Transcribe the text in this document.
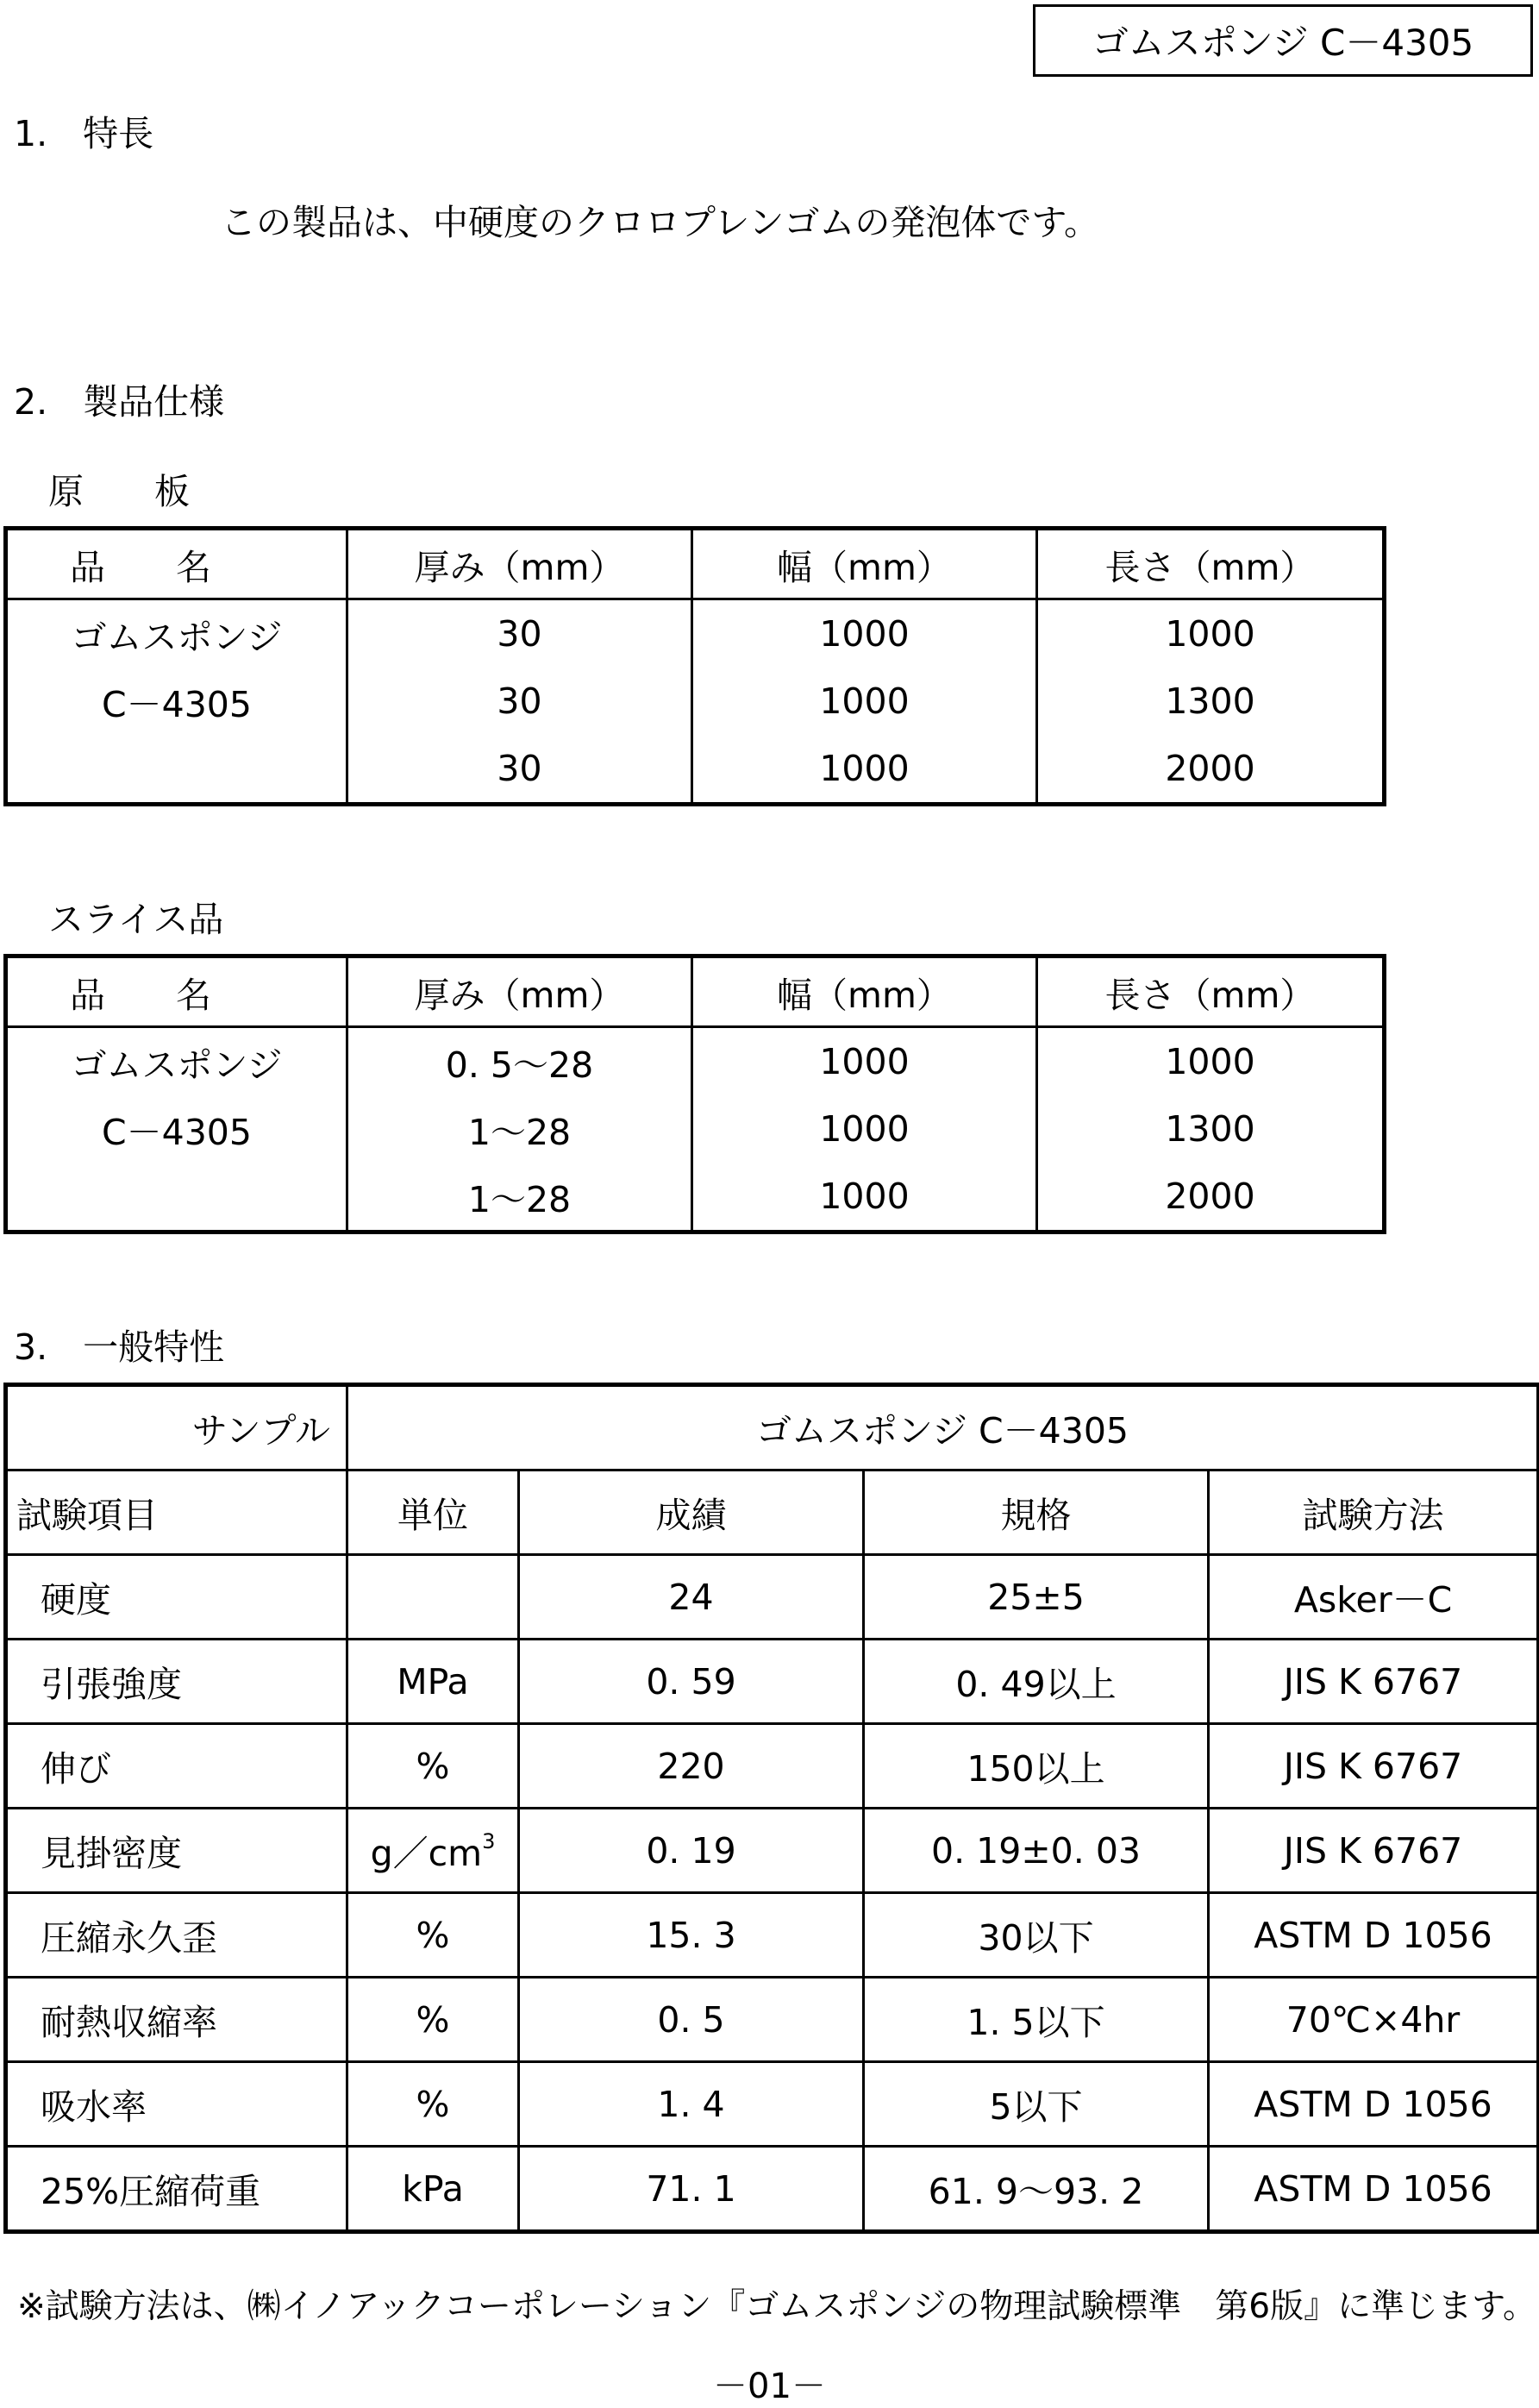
ゴムスポンジ C－4305
1.　特長
この製品は、中硬度のクロロプレンゴムの発泡体です。
2.　製品仕様
原　　板
品　　名	厚み（mm）	幅（mm）	長さ（mm）
ゴムスポンジ	30	1000	1000
C－4305	30	1000	1300
	30	1000	2000
スライス品
品　　名	厚み（mm）	幅（mm）	長さ（mm）
ゴムスポンジ	0. 5～28	1000	1000
C－4305	1～28	1000	1300
	1～28	1000	2000
3.　一般特性
サンプル	ゴムスポンジ C－4305			
試験項目	単位	成績	規格	試験方法
硬度		24	25±5	Asker－C
引張強度	MPa	0. 59	0. 49以上	JIS K 6767
伸び	%	220	150以上	JIS K 6767
見掛密度	$g/cm^3$	0. 19	0. 19±0. 03	JIS K 6767
圧縮永久歪	%	15. 3	30以下	ASTM D 1056
耐熱収縮率	%	0. 5	1. 5以下	70℃×4hr
吸水率	%	1. 4	5以下	ASTM D 1056
25%圧縮荷重	kPa	71. 1	61. 9～93. 2	ASTM D 1056
※試験方法は、㈱イノアックコーポレーション『ゴムスポンジの物理試験標準　第6版』に準じます。
－01－
